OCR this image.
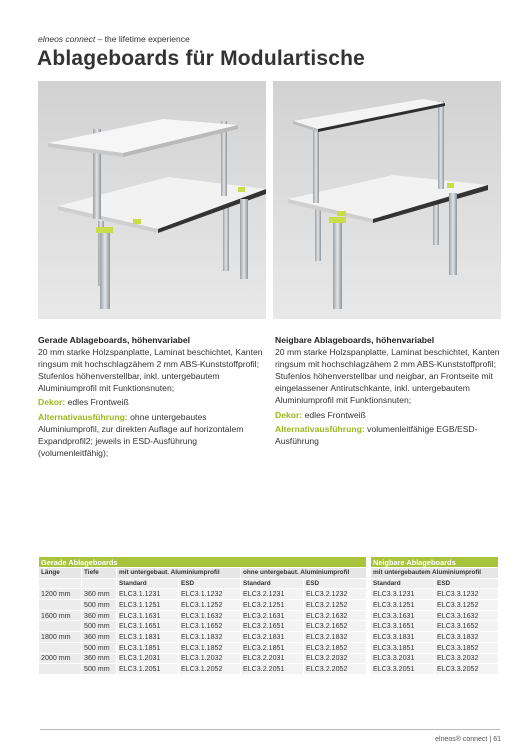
elneos connect – the lifetime experience
Ablageboards für Modulartische

Gerade Ablageboards, höhenvariabel

20 mm starke Holzspanplatte, Laminat beschichtet, Kanten ringsum mit hochschlagzähem 2 mm ABS-Kunststoffprofil; Stufenlos höhenverstellbar, inkl. untergebautem Aluminiumprofil mit Funktionsnuten;

Dekor: edles Frontweiß

Alternativausführung: ohne untergebautes Aluminiumprofil, zur direkten Auflage auf horizontalem Expandprofil2; jeweils in ESD-Ausführung (volumenleitfähig);

Neigbare Ablageboards, höhenvariabel

20 mm starke Holzspanplatte, Laminat beschichtet, Kanten ringsum mit hochschlagzähem 2 mm ABS-Kunststoffprofil; Stufenlos höhenverstellbar und neigbar, an Frontseite mit eingelassener Antirutschkante, inkl. untergebautem Aluminiumprofil mit Funktionsnuten;

Dekor: edles Frontweiß

Alternativausführung: volumenleitfähige EGB/ESD-Ausführung

Gerade Ablageboards					
Länge	Tiefe	mit untergebaut. Aluminiumprofil		ohne untergebaut. Aluminiumprofil	
		Standard	ESD	Standard	ESD
1200 mm	360 mm	ELC3.1.1231	ELC3.1.1232	ELC3.2.1231	ELC3.2.1232
	500 mm	ELC3.1.1251	ELC3.1.1252	ELC3.2.1251	ELC3.2.1252
1600 mm	360 mm	ELC3.1.1631	ELC3.1.1632	ELC3.2.1631	ELC3.2.1632
	500 mm	ELC3.1.1651	ELC3.1.1652	ELC3.2.1651	ELC3.2.1652
1800 mm	360 mm	ELC3.1.1831	ELC3.1.1832	ELC3.2.1831	ELC3.2.1832
	500 mm	ELC3.1.1851	ELC3.1.1852	ELC3.2.1851	ELC3.2.1852
2000 mm	360 mm	ELC3.1.2031	ELC3.1.2032	ELC3.2.2031	ELC3.2.2032
	500 mm	ELC3.1.2051	ELC3.1.2052	ELC3.2.2051	ELC3.2.2052
Neigbare Ablageboards	
mit untergebautem Aluminiumprofil	
Standard	ESD
ELC3.3.1231	ELC3.3.1232
ELC3.3.1251	ELC3.3.1252
ELC3.3.1631	ELC3.3.1632
ELC3.3.1651	ELC3.3.1652
ELC3.3.1831	ELC3.3.1832
ELC3.3.1851	ELC3.3.1852
ELC3.3.2031	ELC3.3.2032
ELC3.3.2051	ELC3.3.2052
elneos® connect | 61
